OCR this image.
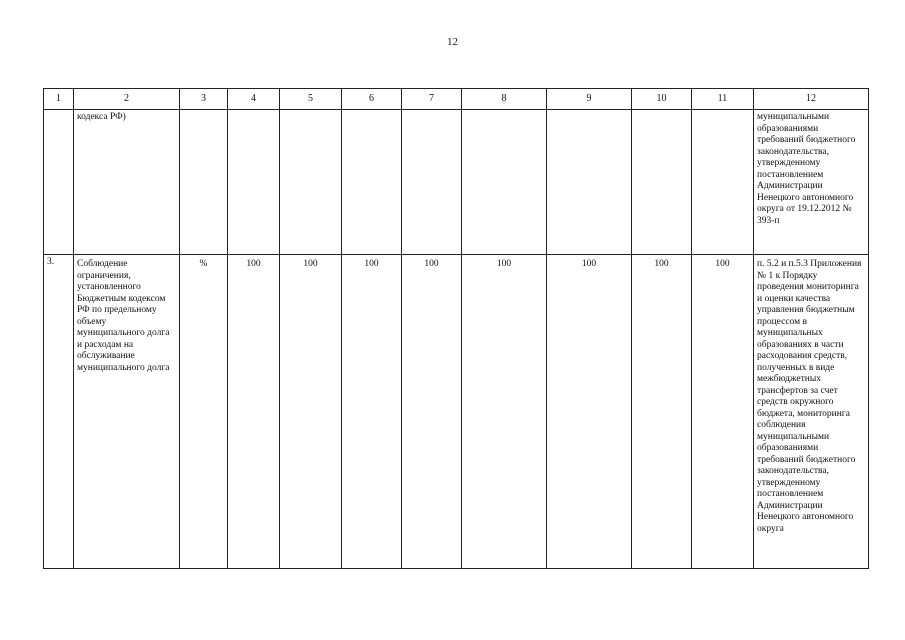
12
1	2	3	4	5	6	7	8	9	10	11	12
	кодекса РФ)										муниципальными образованиями требований бюджетного законодательства, утвержденному постановлением Администрации Ненецкого автономного округа от 19.12.2012 № 393-п
3.	Соблюдение ограничения, установленного Бюджетным кодексом РФ по предельному объему муниципального долга и расходам на обслуживание муниципального долга	%	100	100	100	100	100	100	100	100	п. 5.2 и п.5.3 Приложения № 1 к Порядку проведения мониторинга и оценки качества управления бюджетным процессом в муниципальных образованиях в части расходования средств, полученных в виде межбюджетных трансфертов за счет средств окружного бюджета, мониторинга соблюдения муниципальными образованиями требований бюджетного законодательства, утвержденному постановлением Администрации Ненецкого автономного округа
